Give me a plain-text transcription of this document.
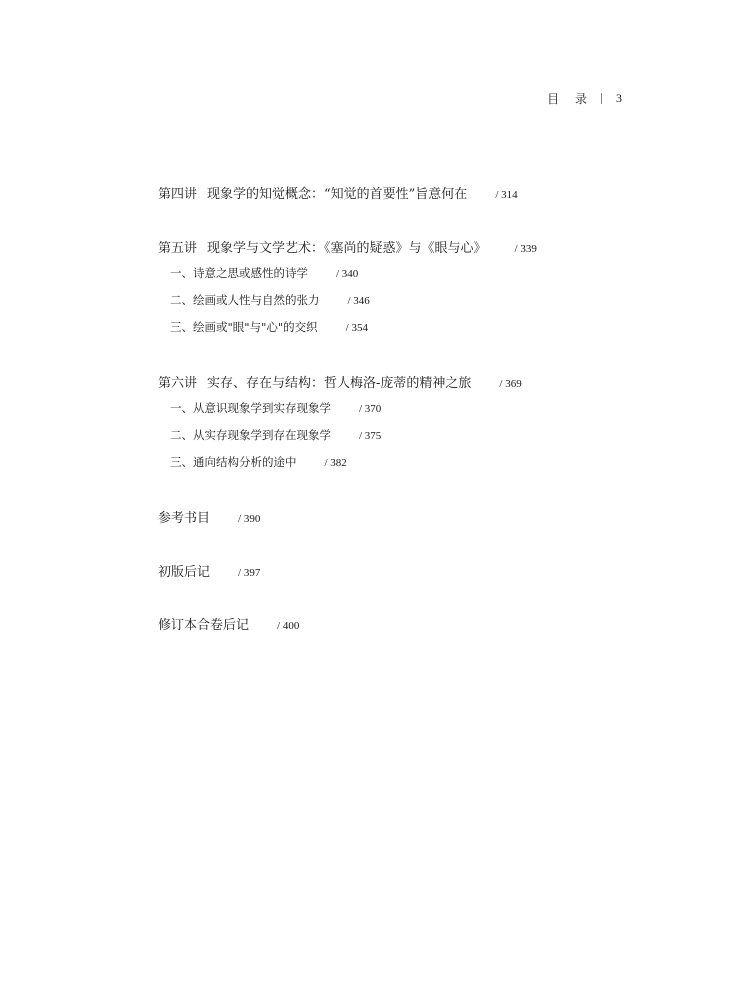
目 录 3
第四讲 现象学的知觉概念：“知觉的首要性”旨意何在	/ 314
第五讲 现象学与文学艺术：《塞尚的疑惑》与《眼与心》	/ 339
一、诗意之思或感性的诗学	/ 340
二、绘画或人性与自然的张力	/ 346
三、绘画或"眼"与"心"的交织	/ 354
第六讲 实存、存在与结构：哲人梅洛-庞蒂的精神之旅	/ 369
一、从意识现象学到实存现象学	/ 370
二、从实存现象学到存在现象学	/ 375
三、通向结构分析的途中	/ 382
参考书目	/ 390
初版后记	/ 397
修订本合卷后记	/ 400
